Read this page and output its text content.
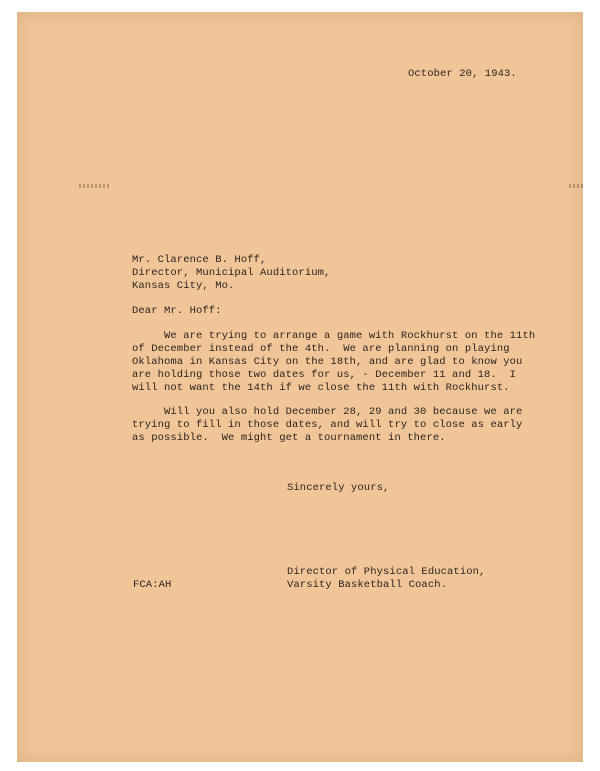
October 20, 1943.
Mr. Clarence B. Hoff,
Director, Municipal Auditorium,
Kansas City, Mo.
Dear Mr. Hoff:
We are trying to arrange a game with Rockhurst on the 11th
of December instead of the 4th.  We are planning on playing
Oklahoma in Kansas City on the 18th, and are glad to know you
are holding those two dates for us, - December 11 and 18.  I
will not want the 14th if we close the 11th with Rockhurst.
Will you also hold December 28, 29 and 30 because we are
trying to fill in those dates, and will try to close as early
as possible.  We might get a tournament in there.
Sincerely yours,
Director of Physical Education,
Varsity Basketball Coach.
FCA:AH
